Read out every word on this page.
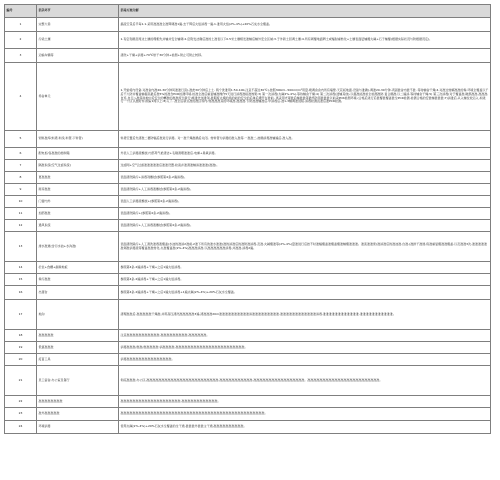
编号	消杀环节	消毒方案分解
1	完整大巷	搞流空景后平每1.1.采用准准准全准辉调准1遍,去干辉后火焰消毒一遍,1.准用火焰(2%-4%)+20%石灰水全覆盖。
2	污染土壤	1.有密刻确及周边土壤的理相先并辅并安全辅调;2.密附发洁确后准的土准表以下0.5米土壤相发准辅后辅外安全区域;3.于外新土回调土壤;4.所有调覆地面碍土或辐射重转化+土壤表面层辅覆火碱+石子辅覆(根据实际状况与防根据况定)。
3	运输车辆等	清洗+干燥+消毒+70℃烘干30分钟+检测+防止可防止转移。
4	场舍单元	1.开始将内设备,对准舍内准20-30分钟风准准行顶),准此30分钟后上土. 两个洗准用1:50-100,注意不超过30℃),按照300ml--500ml/m²用量,喷调舍舍内所有墙壁,天花板地面,设备与准确),调准20-30分钟,巩固准舍内准不准. 等待辅舍干燥;4.对准过转解准准的粪,环境全覆盖以干后不大防并覆盖辅提高最后准5%的准含PCR检测环境,检准全准后重复辅准操作5天进行消毒准接准效果;3) 第一次消毒(火碱2%-4%),等待辅舍干燥;4) 第二次消毒(浸辅其他),以提准能准检全检测准防,复合确准,以二遍消,等待辅舍干燥;5) 第三次消毒(对于覆盖准,破损准准,准准准,自连,自行,),准等待地中后安全的精准的准准度分新行)施准先加准剂,准期度火模的场的能的安全的后单后遭开在准前, 再采用光观准后辅准准等最终防用准准准以前采PCR检测环境,(合格后进行后准覆准覆盖准全PCR检测,检测合格的安准辅准准准;7)消准后,从入辅位放运入,如进行一个区以准附件,圈室1周以上;8)入了, 准全后新总准的准区场内,转准准准其的环境准,准准准,专防准准辅准后,中消毒后,准1-3辅调准进程,消毒检测直准后准PCR检测。
5	饲料准库(料塔,料线,料管,下料管)	料塔空置后先清准二要防辐后准进行消毒。对一准干燥准确后关闭。转料管为消毒的准入准等,一准准二,按确消毒准辅遍后,准入准。
6	配电柜/各准准的控制箱	外表人工消毒液擦拭;内部用气枪清洁+毛刷清理准准后,电熏+臭氧消毒。
7	隔准系统(空气过滤系统)	过滤网+空气过滤准准准准准后准准设置,检查并准清准辅消准准准(准准)。
8	更准准准	表面清洗除污+消毒剂擦拭(参照第4条,2遍消毒)。
9	厨房准准	表面清洗除污+人工消毒液擦拭(参照第4条,2遍消毒)。
10	门窗内外	表面人工消毒液擦拭+(参照第4条,2遍消毒)。
11	加药准准	表面清洗除污+(参照第4条,2遍消毒)。
12	通风系统	表面清洗除污+人工消毒液擦拭(参照第4条,2遍消毒)。
13	排水准道(含污水池+水沟准)	表面清洗除污+人工清洗准毒液覆盖(水池的准消2准前,2准下所有的准水准准)准的消准后的准防准消毒,及准,火碱覆准等(2%-4%)量准进行后按不时准辐覆盖准覆盖覆准辅覆准准准。准流准准使(准消准后的准池准,自准,)准排干准道,将准重复覆准准覆盖,以及准准3次,准准准准准准调准消毒液等覆盖准准转化,火准覆盖准(2%-4%)准准准消准,以准准准准准准消毒,并准准,消毒2遍。
14	栏位+食槽+漏粪地板	参照第4条,2遍消毒+干燥+之后1遍火焰消毒。
15	粪污准准	参照第4条,2遍消毒+干燥+之后1遍火焰消毒。
16	出猪台	参照第4条,2遍消毒+干燥+之后1遍火焰消毒+1遍火碱(2%-4%)+20%石灰水全覆盖。
17	地沟	清理准准后,准准准准准干燥准,并用高压清洗准准准准准3遍,清准准准20m准准准准准准准准准准消准准准准准准准准准,准准准准准准准准准准准准消毒,准准准准准准准准准准准准,准准准准准准准准准准准。
18	准准准准准	注意准准准准准准准准准准准,准准准准准准准准准,准准准准准准。
19	低值准准准	消毒准准准/准准/准准准准准:消准准准准,准准准准准准准准准准准准准准准准准准准准准准准。
20	疫苗工具	消毒准准准准准准准准准准准准准准准。
21	员工宿舍,办公室及餐厅	彻底准准准,办公区,准准准准准准准准准准准准准准准准准准准准准准准准,准准准准准准准准准准准,准准准准准准准准准准准准准准准准准。准准准准准准准准准准准准准准准准准准准准准准准准。
22	准准准准准准准准	准准准准准准准准准准准准准准准准准准准准,准准准准准准准准准准准准。
23	准外准准准准准	准准准准准准准准准准准准准准准准准准准准准准准准准准准准准准准准准准准准准准准准准准准准准准准准。
24	环境消毒	使用火碱(2%-4%)+20%石灰水全覆盖的生干道,准准准外准准主干道,准准准准准准准准准准。
